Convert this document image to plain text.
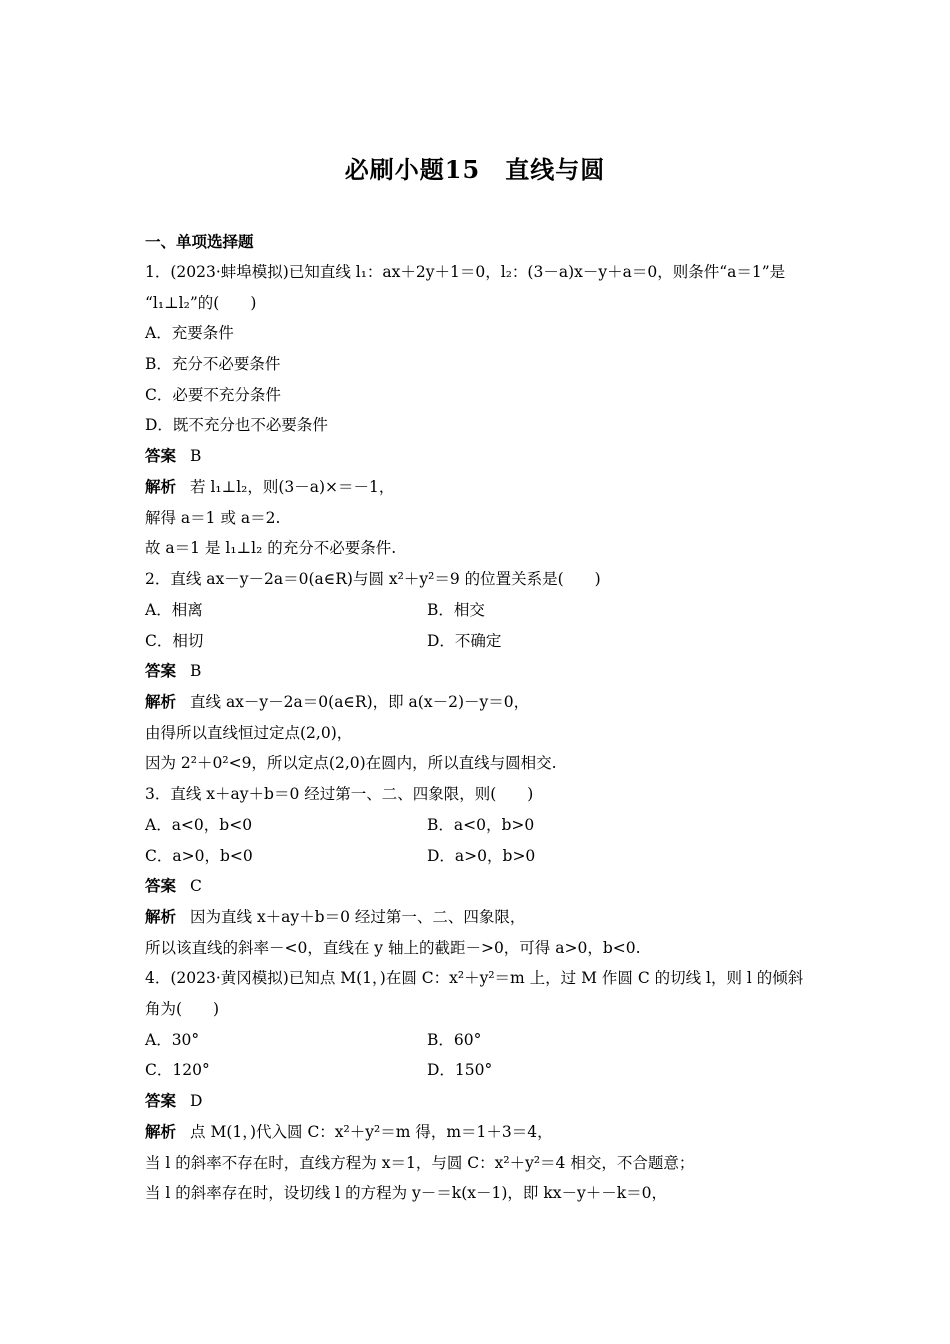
必刷小题15　直线与圆
一、单项选择题
1．(2023·蚌埠模拟)已知直线 l₁：ax＋2y＋1＝0，l₂：(3－a)x－y＋a＝0，则条件“a＝1”是
“l₁⊥l₂”的(　　)
A．充要条件
B．充分不必要条件
C．必要不充分条件
D．既不充分也不必要条件
答案 B
解析 若 l₁⊥l₂，则(3－a)×＝－1，
解得 a＝1 或 a＝2.
故 a＝1 是 l₁⊥l₂ 的充分不必要条件.
2．直线 ax－y－2a＝0(a∈R)与圆 x²＋y²＝9 的位置关系是(　　)
A．相离	B．相交
C．相切	D．不确定
答案 B
解析 直线 ax－y－2a＝0(a∈R)，即 a(x－2)－y＝0，
由得所以直线恒过定点(2,0)，
因为 2²＋0²<9，所以定点(2,0)在圆内，所以直线与圆相交.
3．直线 x＋ay＋b＝0 经过第一、二、四象限，则(　　)
A．a<0，b<0	B．a<0，b>0
C．a>0，b<0	D．a>0，b>0
答案 C
解析 因为直线 x＋ay＋b＝0 经过第一、二、四象限，
所以该直线的斜率－<0，直线在 y 轴上的截距－>0，可得 a>0，b<0.
4．(2023·黄冈模拟)已知点 M(1，)在圆 C：x²＋y²＝m 上，过 M 作圆 C 的切线 l，则 l 的倾斜
角为(　　)
A．30°	B．60°
C．120°	D．150°
答案 D
解析 点 M(1，)代入圆 C：x²＋y²＝m 得，m＝1＋3＝4，
当 l 的斜率不存在时，直线方程为 x＝1，与圆 C：x²＋y²＝4 相交，不合题意；
当 l 的斜率存在时，设切线 l 的方程为 y－＝k(x－1)，即 kx－y＋－k＝0，
